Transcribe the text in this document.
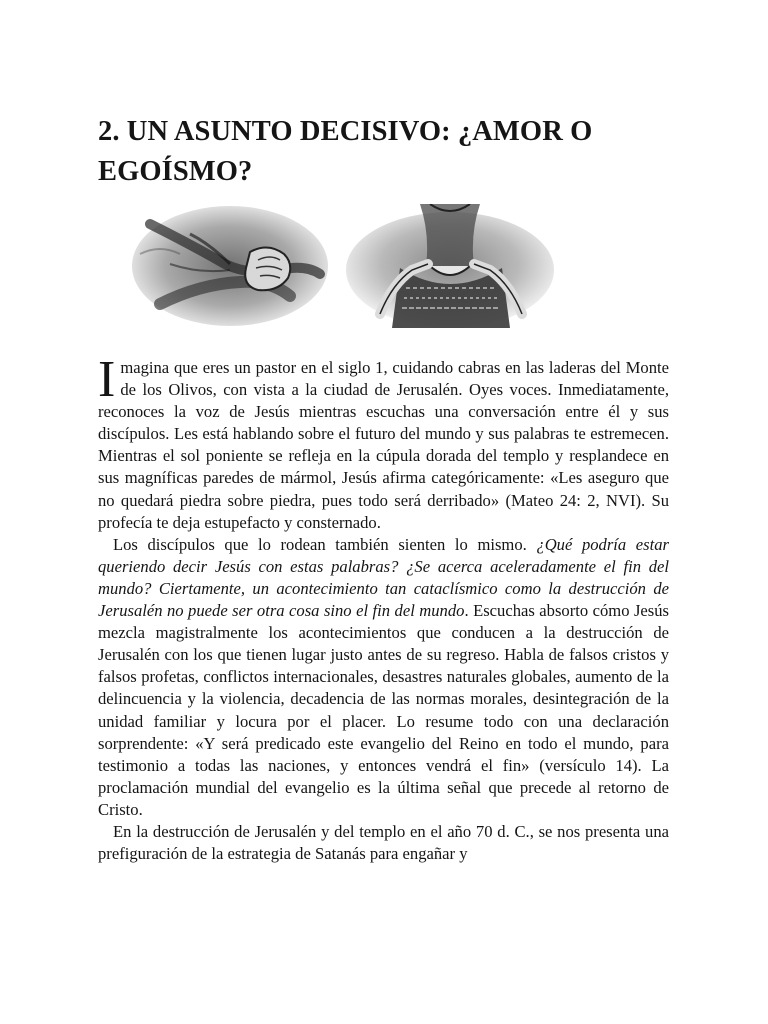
2. UN ASUNTO DECISIVO: ¿AMOR O EGOÍSMO?

Imagina que eres un pastor en el siglo 1, cuidando cabras en las laderas del Monte de los Olivos, con vista a la ciudad de Jerusalén. Oyes voces. Inmediatamente, reconoces la voz de Jesús mientras escuchas una conversación entre él y sus discípulos. Les está hablando sobre el futuro del mundo y sus palabras te estremecen. Mientras el sol poniente se refleja en la cúpula dorada del templo y resplandece en sus magníficas paredes de mármol, Jesús afirma categóricamente: «Les aseguro que no quedará piedra sobre piedra, pues todo será derribado» (Mateo 24: 2, NVI). Su profecía te deja estupefacto y consternado.

Los discípulos que lo rodean también sienten lo mismo. ¿Qué podría estar queriendo decir Jesús con estas palabras? ¿Se acerca aceleradamente el fin del mundo? Ciertamente, un acontecimiento tan cataclísmico como la destrucción de Jerusalén no puede ser otra cosa sino el fin del mundo. Escuchas absorto cómo Jesús mezcla magistralmente los acontecimientos que conducen a la destrucción de Jerusalén con los que tienen lugar justo antes de su regreso. Habla de falsos cristos y falsos profetas, conflictos internacionales, desastres naturales globales, aumento de la delincuencia y la violencia, decadencia de las normas morales, desintegración de la unidad familiar y locura por el placer. Lo resume todo con una declaración sorprendente: «Y será predicado este evangelio del Reino en todo el mundo, para testimonio a todas las naciones, y entonces vendrá el fin» (versículo 14). La proclamación mundial del evangelio es la última señal que precede al retorno de Cristo.

En la destrucción de Jerusalén y del templo en el año 70 d. C., se nos presenta una prefiguración de la estrategia de Satanás para engañar y
